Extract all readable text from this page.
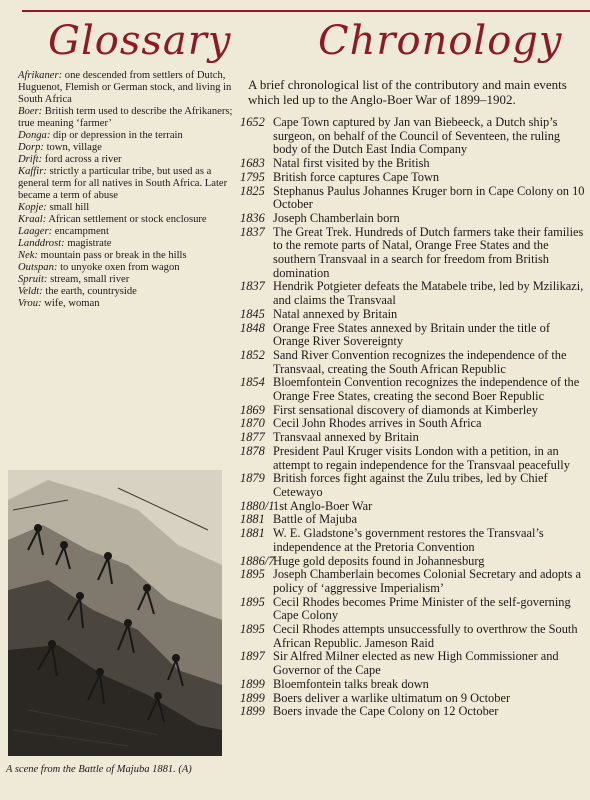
Glossary Chronology

Afrikaner: one descended from settlers of Dutch, Huguenot, Flemish or German stock, and living in South Africa

Boer: British term used to describe the Afrikaners; true meaning ‘farmer’

Donga: dip or depression in the terrain

Dorp: town, village

Drift: ford across a river

Kaffir: strictly a particular tribe, but used as a general term for all natives in South Africa. Later became a term of abuse

Kopje: small hill

Kraal: African settlement or stock enclosure

Laager: encampment

Landdrost: magistrate

Nek: mountain pass or break in the hills

Outspan: to unyoke oxen from wagon

Spruit: stream, small river

Veldt: the earth, countryside

Vrou: wife, woman

A brief chronological list of the contributory and main events which led up to the Anglo-Boer War of 1899–1902.
1652 Cape Town captured by Jan van Biebeeck, a Dutch ship’s surgeon, on behalf of the Council of Seventeen, the ruling body of the Dutch East India Company
1683 Natal first visited by the British
1795 British force captures Cape Town
1825 Stephanus Paulus Johannes Kruger born in Cape Colony on 10 October
1836 Joseph Chamberlain born
1837 The Great Trek. Hundreds of Dutch farmers take their families to the remote parts of Natal, Orange Free States and the southern Transvaal in a search for freedom from British domination
1837 Hendrik Potgieter defeats the Matabele tribe, led by Mzilikazi, and claims the Transvaal
1845 Natal annexed by Britain
1848 Orange Free States annexed by Britain under the title of Orange River Sovereignty
1852 Sand River Convention recognizes the independence of the Transvaal, creating the South African Republic
1854 Bloemfontein Convention recognizes the independence of the Orange Free States, creating the second Boer Republic
1869 First sensational discovery of diamonds at Kimberley
1870 Cecil John Rhodes arrives in South Africa
1877 Transvaal annexed by Britain
1878 President Paul Kruger visits London with a petition, in an attempt to regain independence for the Transvaal peacefully
1879 British forces fight against the Zulu tribes, led by Chief Cetewayo
1880/1
1st Anglo-Boer War
1881 Battle of Majuba
1881 W. E. Gladstone’s government restores the Transvaal’s independence at the Pretoria Convention
1886/7
Huge gold deposits found in Johannesburg
1895 Joseph Chamberlain becomes Colonial Secretary and adopts a policy of ‘aggressive Imperialism’
1895 Cecil Rhodes becomes Prime Minister of the self-governing Cape Colony
1895 Cecil Rhodes attempts unsuccessfully to overthrow the South African Republic. Jameson Raid
1897 Sir Alfred Milner elected as new High Commissioner and Governor of the Cape
1899 Bloemfontein talks break down
1899 Boers deliver a warlike ultimatum on 9 October
1899 Boers invade the Cape Colony on 12 October
A scene from the Battle of Majuba 1881. (A)
